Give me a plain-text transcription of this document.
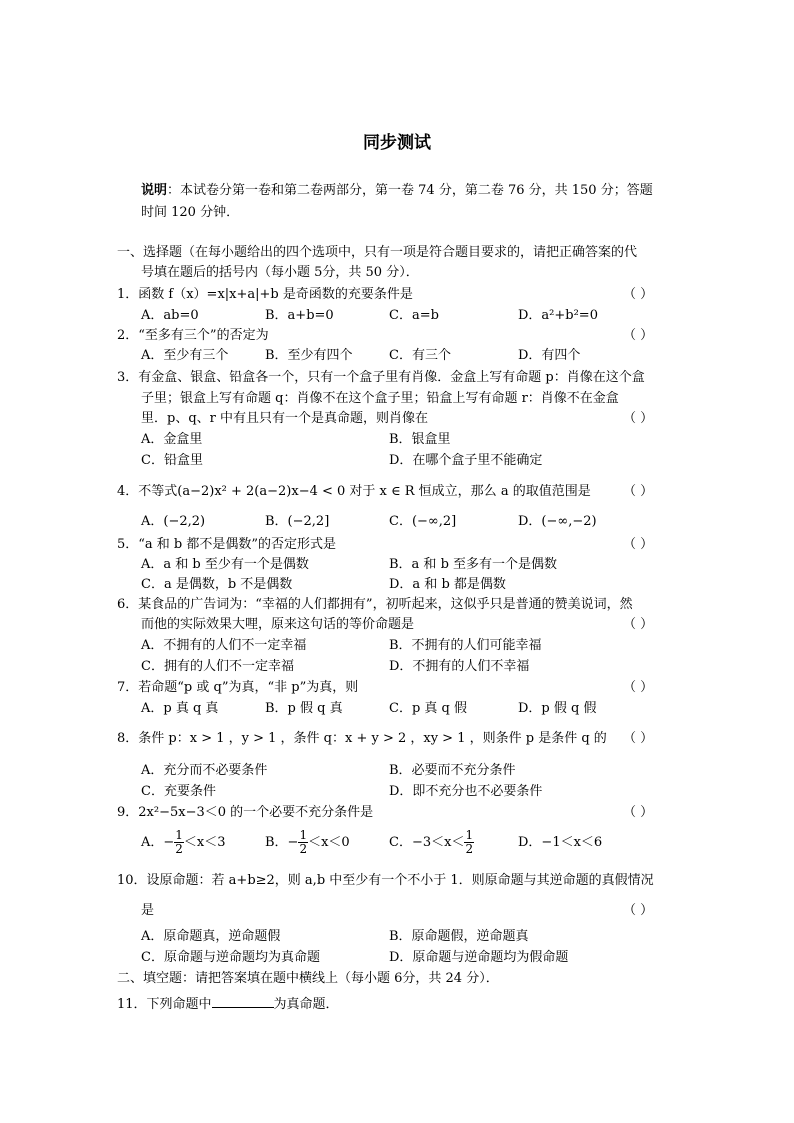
同步测试
说明：本试卷分第一卷和第二卷两部分，第一卷 74 分，第二卷 76 分，共 150 分；答题
时间 120 分钟．
一、选择题（在每小题给出的四个选项中，只有一项是符合题目要求的，请把正确答案的代
号填在题后的括号内（每小题 5分，共 50 分）．
1．函数 f（x）=x|x+a|+b 是奇函数的充要条件是	（ ）
A．ab=0	B．a+b=0	C．a=b	D．a²+b²=0
2．“至多有三个”的否定为	（ ）
A．至少有三个	B．至少有四个	C．有三个	D．有四个
3．有金盒、银盒、铅盒各一个，只有一个盒子里有肖像．金盒上写有命题 p：肖像在这个盒
子里；银盒上写有命题 q：肖像不在这个盒子里；铅盒上写有命题 r：肖像不在金盒
里．p、q、r 中有且只有一个是真命题，则肖像在	（ ）
A．金盒里	B．银盒里
C．铅盒里	D．在哪个盒子里不能确定
4．不等式(a−2)x² + 2(a−2)x−4 < 0 对于 x ∈ R 恒成立，那么 a 的取值范围是 （ ）
A．(−2,2)	B．(−2,2]	C．(−∞,2]	D．(−∞,−2)
5．“a 和 b 都不是偶数”的否定形式是	（ ）
A．a 和 b 至少有一个是偶数	B．a 和 b 至多有一个是偶数
C．a 是偶数，b 不是偶数	D．a 和 b 都是偶数
6．某食品的广告词为：“幸福的人们都拥有”，初听起来，这似乎只是普通的赞美说词，然
而他的实际效果大哩，原来这句话的等价命题是	（ ）
A．不拥有的人们不一定幸福	B．不拥有的人们可能幸福
C．拥有的人们不一定幸福	D．不拥有的人们不幸福
7．若命题“p 或 q”为真，“非 p”为真，则	（ ）
A．p 真 q 真	B．p 假 q 真	C．p 真 q 假	D．p 假 q 假
8．条件 p：x > 1 ，y > 1 ，条件 q：x + y > 2 ，xy > 1 ，则条件 p 是条件 q 的 （ ）
A．充分而不必要条件	B．必要而不充分条件
C．充要条件	D．即不充分也不必要条件
9．2x²−5x−3＜0 的一个必要不充分条件是	（ ）
A．− $\frac{1}{2} <x<3$	B．− $\frac{1}{2} <x<0$	C．$-3<x< \frac{1}{2}$	D．−1＜x＜6
10．设原命题：若 a+b≥2，则 a,b 中至少有一个不小于 1．则原命题与其逆命题的真假情况
是	（ ）
A．原命题真，逆命题假	B．原命题假，逆命题真
C．原命题与逆命题均为真命题	D．原命题与逆命题均为假命题
二、填空题：请把答案填在题中横线上（每小题 6分，共 24 分）．
11．下列命题中	为真命题．
